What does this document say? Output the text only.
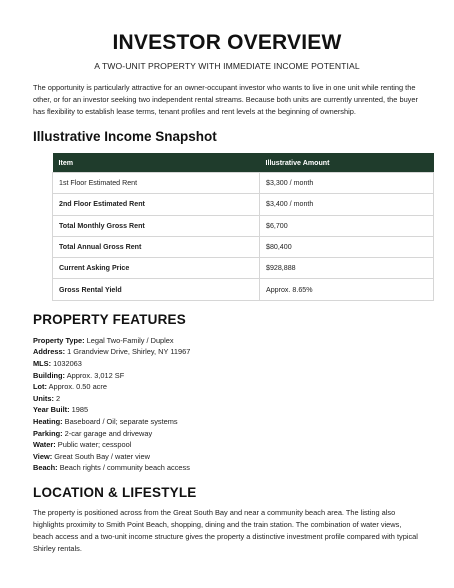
INVESTOR OVERVIEW

A TWO-UNIT PROPERTY WITH IMMEDIATE INCOME POTENTIAL

The opportunity is particularly attractive for an owner-occupant investor who wants to live in one unit while renting the other, or for an investor seeking two independent rental streams. Because both units are currently unrented, the buyer has flexibility to establish lease terms, tenant profiles and rent levels at the beginning of ownership.

Illustrative Income Snapshot
Item	Illustrative Amount
1st Floor Estimated Rent	$3,300 / month
2nd Floor Estimated Rent	$3,400 / month
Total Monthly Gross Rent	$6,700
Total Annual Gross Rent	$80,400
Current Asking Price	$928,888
Gross Rental Yield	Approx. 8.65%
PROPERTY FEATURES
Property Type: Legal Two-Family / Duplex
Address: 1 Grandview Drive, Shirley, NY 11967
MLS: 1032063
Building: Approx. 3,012 SF
Lot: Approx. 0.50 acre
Units: 2
Year Built: 1985
Heating: Baseboard / Oil; separate systems
Parking: 2-car garage and driveway
Water: Public water; cesspool
View: Great South Bay / water view
Beach: Beach rights / community beach access
LOCATION & LIFESTYLE

The property is positioned across from the Great South Bay and near a community beach area. The listing also highlights proximity to Smith Point Beach, shopping, dining and the train station. The combination of water views, beach access and a two-unit income structure gives the property a distinctive investment profile compared with typical Shirley rentals.
